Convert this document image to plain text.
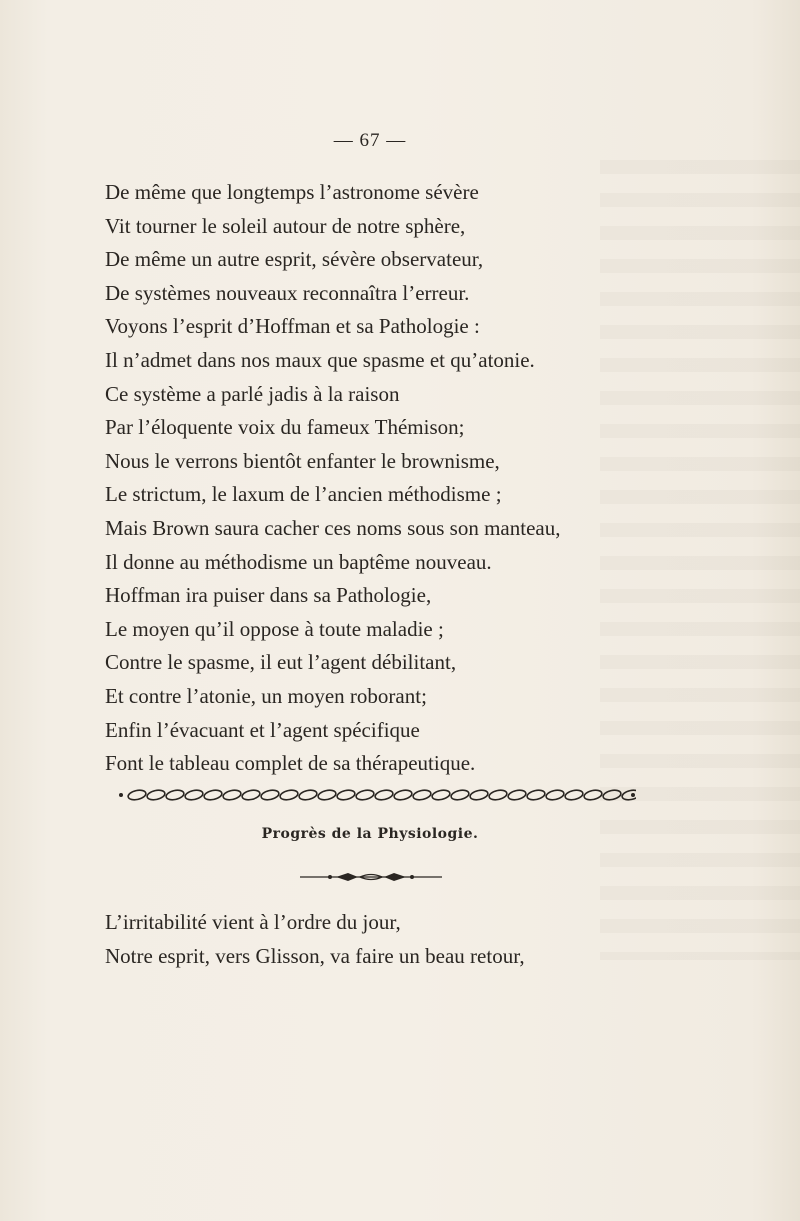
— 67 —
De même que longtemps l’astronome sévère
Vit tourner le soleil autour de notre sphère,
De même un autre esprit, sévère observateur,
De systèmes nouveaux reconnaîtra l’erreur.
Voyons l’esprit d’Hoffman et sa Pathologie :
Il n’admet dans nos maux que spasme et qu’atonie.
Ce système a parlé jadis à la raison
Par l’éloquente voix du fameux Thémison;
Nous le verrons bientôt enfanter le brownisme,
Le strictum, le laxum de l’ancien méthodisme ;
Mais Brown saura cacher ces noms sous son manteau,
Il donne au méthodisme un baptême nouveau.
Hoffman ira puiser dans sa Pathologie,
Le moyen qu’il oppose à toute maladie ;
Contre le spasme, il eut l’agent débilitant,
Et contre l’atonie, un moyen roborant;
Enfin l’évacuant et l’agent spécifique
Font le tableau complet de sa thérapeutique.
Progrès de la Physiologie.
L’irritabilité vient à l’ordre du jour,
Notre esprit, vers Glisson, va faire un beau retour,
